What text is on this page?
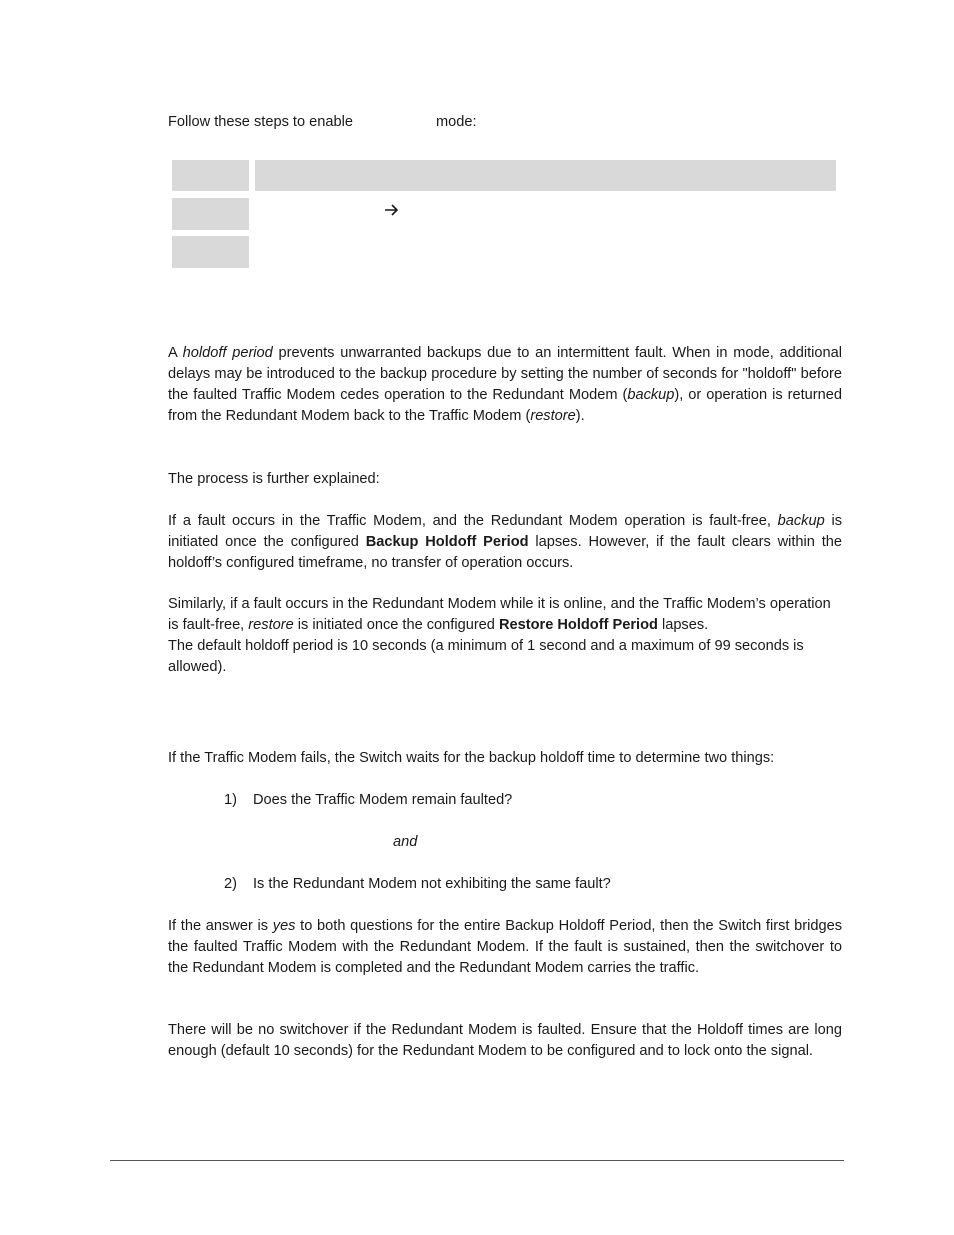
Follow these steps to enable	mode:

A holdoff period prevents unwarranted backups due to an intermittent fault. When in mode, additional delays may be introduced to the backup procedure by setting the number of seconds for "holdoff" before the faulted Traffic Modem cedes operation to the Redundant Modem (backup), or operation is returned from the Redundant Modem back to the Traffic Modem (restore).

The process is further explained:

If a fault occurs in the Traffic Modem, and the Redundant Modem operation is fault-free, backup is initiated once the configured Backup Holdoff Period lapses. However, if the fault clears within the holdoff’s configured timeframe, no transfer of operation occurs.

Similarly, if a fault occurs in the Redundant Modem while it is online, and the Traffic Modem’s operation is fault-free, restore is initiated once the configured Restore Holdoff Period lapses.
The default holdoff period is 10 seconds (a minimum of 1 second and a maximum of 99 seconds is allowed).

If the Traffic Modem fails, the Switch waits for the backup holdoff time to determine two things:

1) Does the Traffic Modem remain faulted?
and
2) Is the Redundant Modem not exhibiting the same fault?

If the answer is yes to both questions for the entire Backup Holdoff Period, then the Switch first bridges the faulted Traffic Modem with the Redundant Modem. If the fault is sustained, then the switchover to the Redundant Modem is completed and the Redundant Modem carries the traffic.

There will be no switchover if the Redundant Modem is faulted. Ensure that the Holdoff times are long enough (default 10 seconds) for the Redundant Modem to be configured and to lock onto the signal.
